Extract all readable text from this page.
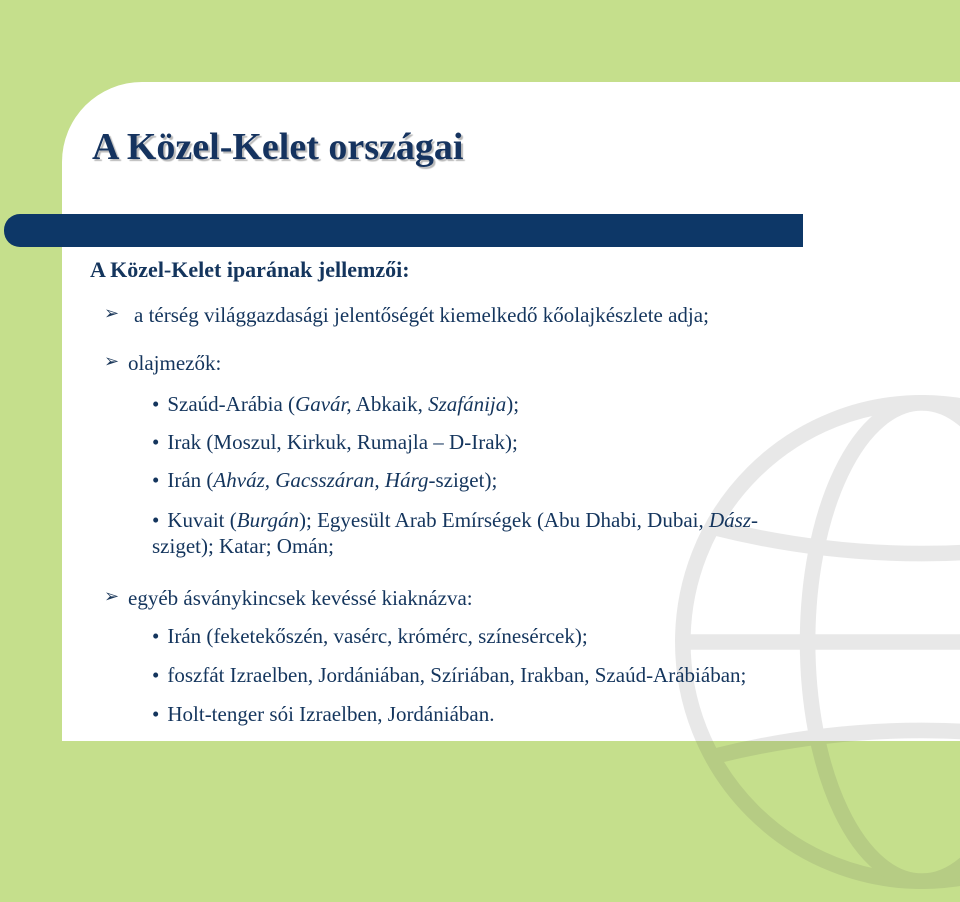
A Közel-Kelet országai

A Közel-Kelet iparának jellemzői:

➢ a térség világgazdasági jelentőségét kiemelkedő kőolajkészlete adja;
➢ olajmezők:
• Szaúd-Arábia (Gavár, Abkaik, Szafánija);
• Irak (Moszul, Kirkuk, Rumajla – D-Irak);
• Irán (Ahváz, Gacsszáran, Hárg-sziget);
• Kuvait (Burgán); Egyesült Arab Emírségek (Abu Dhabi, Dubai, Dász-
sziget); Katar; Omán;
➢ egyéb ásványkincsek kevéssé kiaknázva:
• Irán (feketekőszén, vasérc, krómérc, színesércek);
• foszfát Izraelben, Jordániában, Szíriában, Irakban, Szaúd-Arábiában;
• Holt-tenger sói Izraelben, Jordániában.
